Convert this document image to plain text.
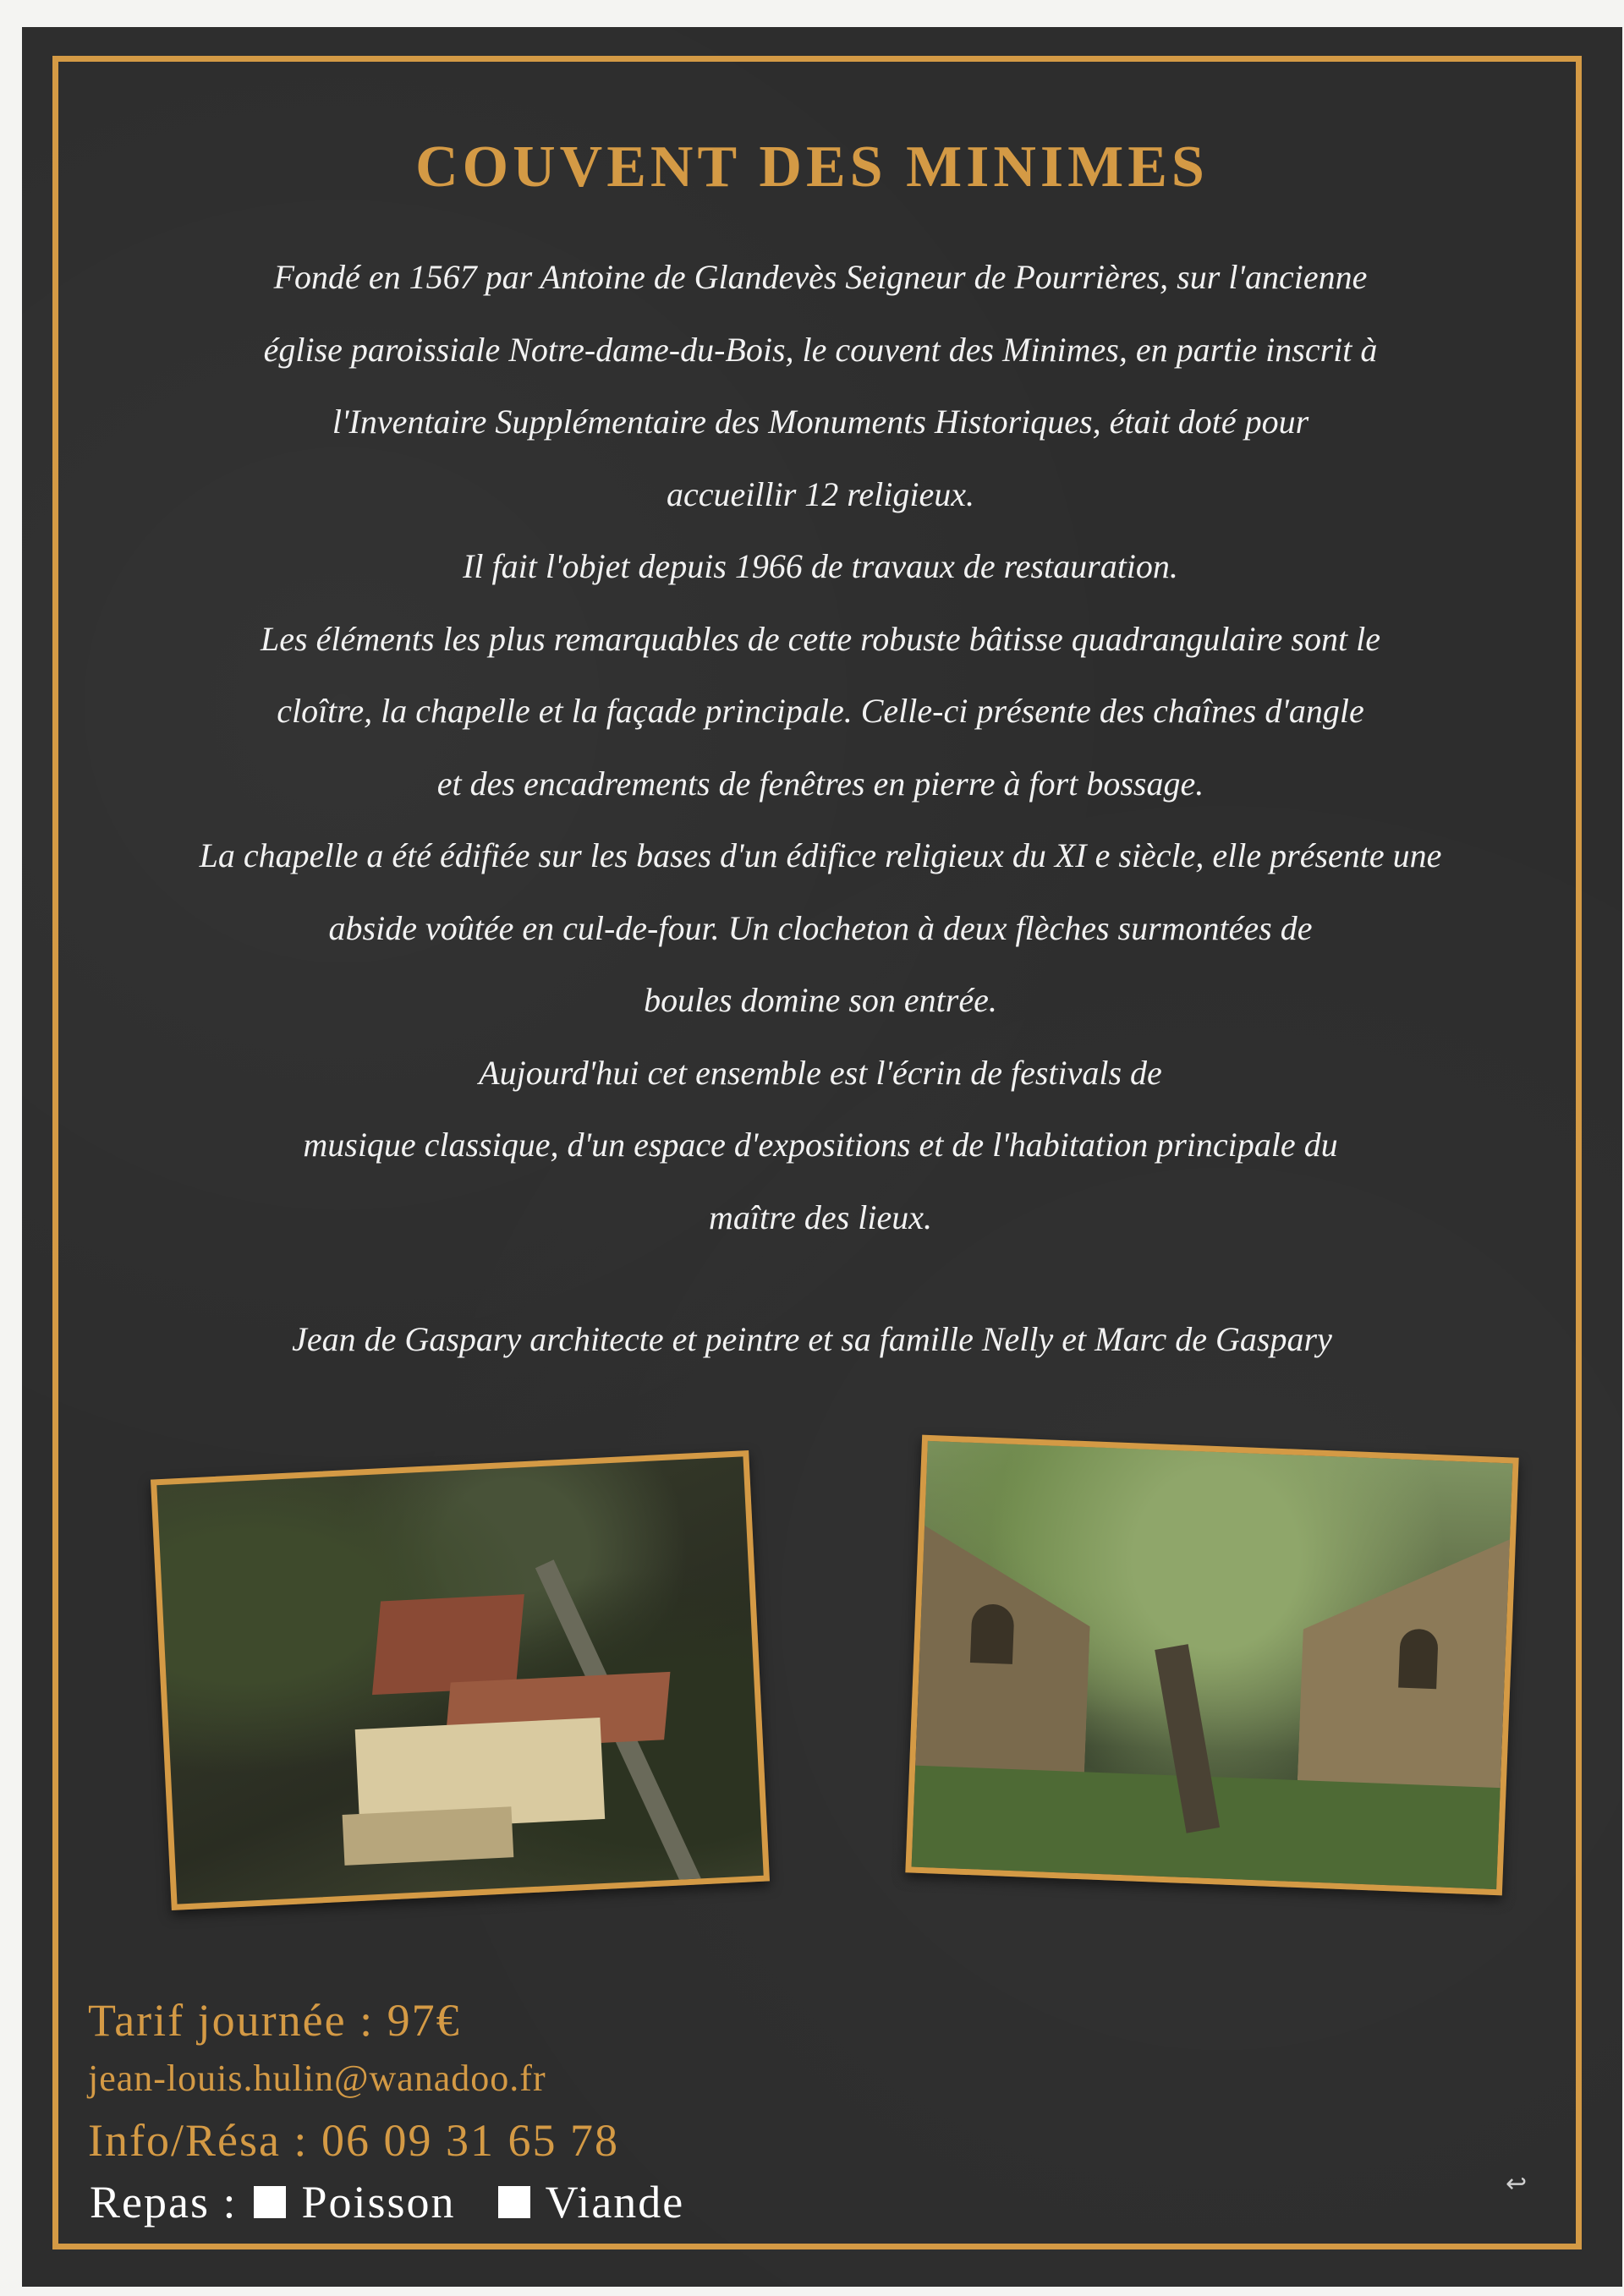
COUVENT DES MINIMES
Fondé en 1567 par Antoine de Glandevès Seigneur de Pourrières, sur l'ancienne
église paroissiale Notre-dame-du-Bois, le couvent des Minimes, en partie inscrit à
l'Inventaire Supplémentaire des Monuments Historiques, était doté pour
accueillir 12 religieux.
Il fait l'objet depuis 1966 de travaux de restauration.
Les éléments les plus remarquables de cette robuste bâtisse quadrangulaire sont le
cloître, la chapelle et la façade principale. Celle-ci présente des chaînes d'angle
et des encadrements de fenêtres en pierre à fort bossage.
La chapelle a été édifiée sur les bases d'un édifice religieux du XI e siècle, elle présente une
abside voûtée en cul-de-four. Un clocheton à deux flèches surmontées de
boules domine son entrée.
Aujourd'hui cet ensemble est l'écrin de festivals de
musique classique, d'un espace d'expositions et de l'habitation principale du
maître des lieux.
Jean de Gaspary architecte et peintre et sa famille Nelly et Marc de Gaspary
Tarif journée : 97€
jean-louis.hulin@wanadoo.fr
Info/Résa : 06 09 31 65 78
Repas : Poisson Viande	↩
